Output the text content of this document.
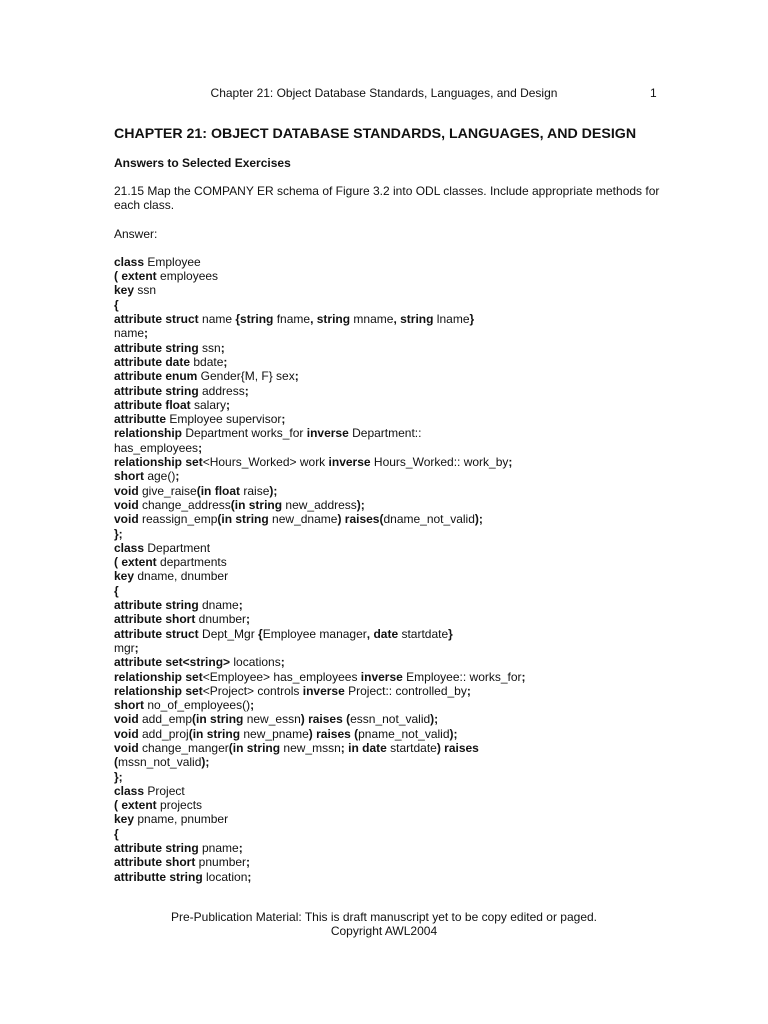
Chapter 21: Object Database Standards, Languages, and Design	1
CHAPTER 21: OBJECT DATABASE STANDARDS, LANGUAGES, AND DESIGN
Answers to Selected Exercises
21.15 Map the COMPANY ER schema of Figure 3.2 into ODL classes. Include appropriate methods for each class.
Answer:
class Employee
( extent employees
key ssn
{
attribute struct name {string fname, string mname, string lname}
name;
attribute string ssn;
attribute date bdate;
attribute enum Gender{M, F} sex;
attribute string address;
attribute float salary;
attributte Employee supervisor;
relationship Department works_for inverse Department::
has_employees;
relationship set<Hours_Worked> work inverse Hours_Worked:: work_by;
short age();
void give_raise(in float raise);
void change_address(in string new_address);
void reassign_emp(in string new_dname) raises(dname_not_valid);
};
class Department
( extent departments
key dname, dnumber
{
attribute string dname;
attribute short dnumber;
attribute struct Dept_Mgr {Employee manager, date startdate}
mgr;
attribute set<string> locations;
relationship set<Employee> has_employees inverse Employee:: works_for;
relationship set<Project> controls inverse Project:: controlled_by;
short no_of_employees();
void add_emp(in string new_essn) raises (essn_not_valid);
void add_proj(in string new_pname) raises (pname_not_valid);
void change_manger(in string new_mssn; in date startdate) raises
(mssn_not_valid);
};
class Project
( extent projects
key pname, pnumber
{
attribute string pname;
attribute short pnumber;
attributte string location;
Pre-Publication Material: This is draft manuscript yet to be copy edited or paged.
Copyright AWL2004
